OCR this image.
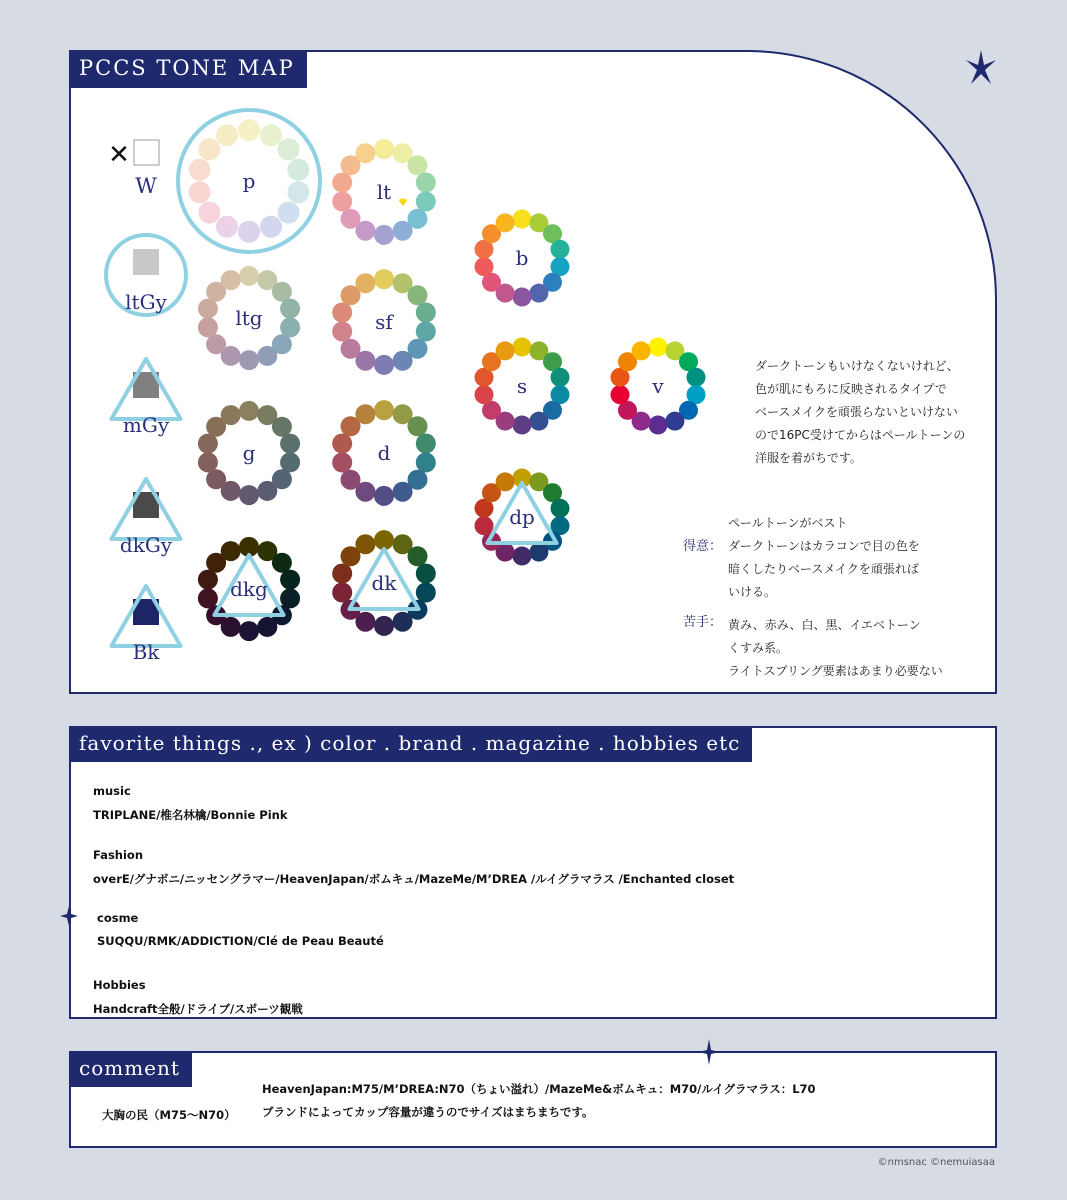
PCCS TONE MAP
p	lt
b
ltg	sf
s	v
g	d
dp
dkg	dk
✕
W
ltGy
mGy
dkGy
Bk
ダークトーンもいけなくないけれど、
色が肌にもろに反映されるタイプで
ベースメイクを頑張らないといけない
ので16PC受けてからはペールトーンの
洋服を着がちです。
得意：
ペールトーンがベスト
ダークトーンはカラコンで目の色を
暗くしたりベースメイクを頑張れば
いける。
苦手： 黄み、赤み、白、黒、イエベトーン
くすみ系。
ライトスプリング要素はあまり必要ない
favorite things ., ex ) color . brand . magazine . hobbies etc
music
TRIPLANE/椎名林檎/Bonnie Pink
Fashion
overE/グナボニ/ニッセングラマー/HeavenJapan/ボムキュ/MazeMe/M’DREA /ルイグラマラス /Enchanted closet
cosme
SUQQU/RMK/ADDICTION/Clé de Peau Beauté
Hobbies
Handcraft全般/ドライブ/スポーツ観戦
comment
大胸の民（M75～N70）
HeavenJapan:M75/M’DREA:N70（ちょい溢れ）/MazeMe&ボムキュ：M70/ルイグラマラス：L70
ブランドによってカップ容量が違うのでサイズはまちまちです。
©nmsnac ©nemuiasaa
